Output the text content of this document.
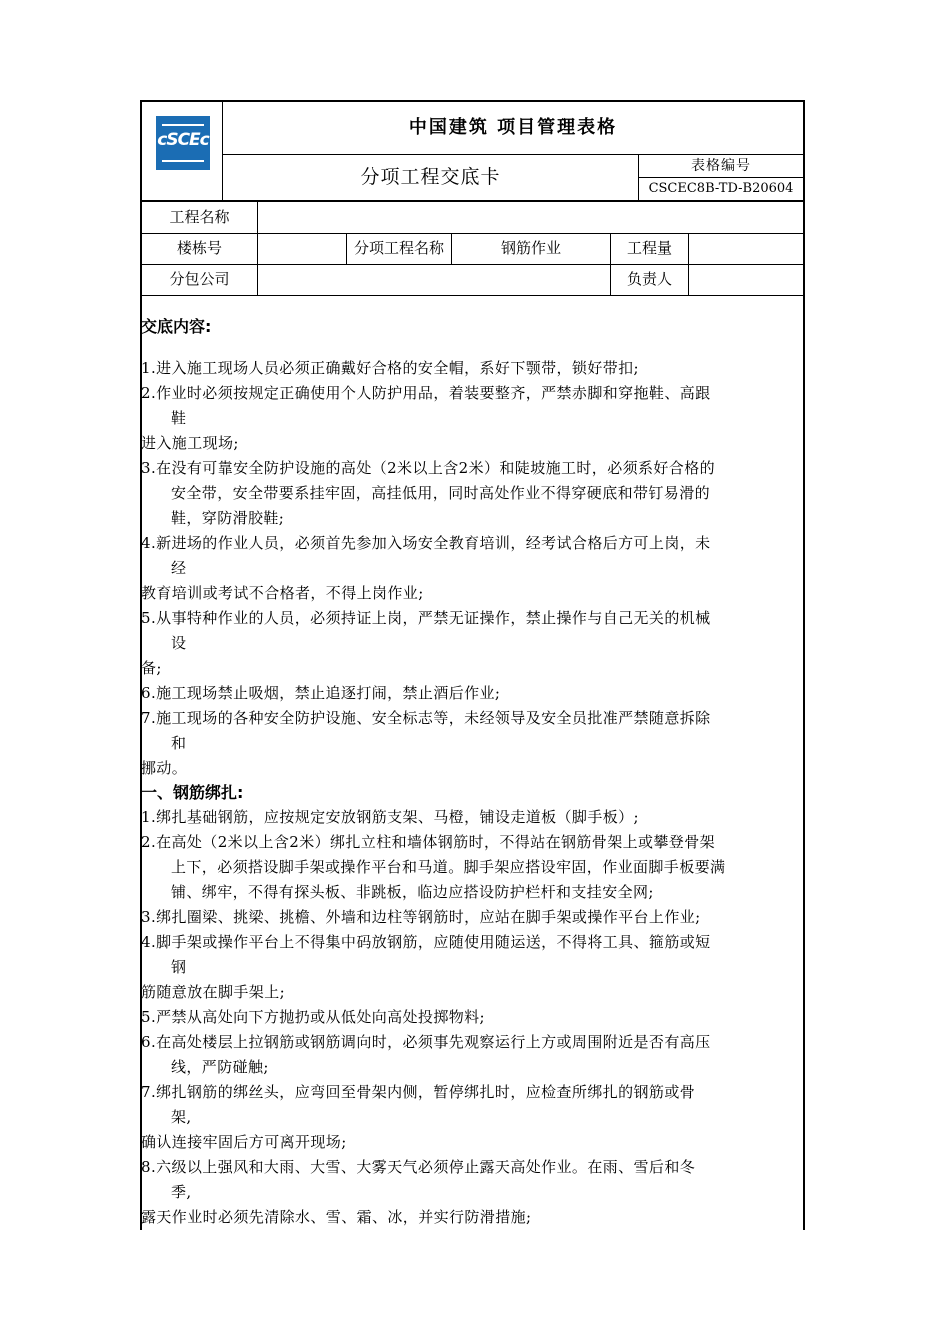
cSCEc
中国建筑 项目管理表格
分项工程交底卡	表格编号
CSCEC8B-TD-B20604
工程名称
楼栋号	分项工程名称	钢筋作业	工程量
分包公司	负责人
交底内容:
1.进入施工现场人员必须正确戴好合格的安全帽，系好下颚带，锁好带扣;
2.作业时必须按规定正确使用个人防护用品，着装要整齐，严禁赤脚和穿拖鞋、高跟
鞋
进入施工现场;
3.在没有可靠安全防护设施的高处（2米以上含2米）和陡坡施工时，必须系好合格的
安全带，安全带要系挂牢固，高挂低用，同时高处作业不得穿硬底和带钉易滑的
鞋，穿防滑胶鞋;
4.新进场的作业人员，必须首先参加入场安全教育培训，经考试合格后方可上岗，未
经
教育培训或考试不合格者，不得上岗作业;
5.从事特种作业的人员，必须持证上岗，严禁无证操作，禁止操作与自己无关的机械
设
备;
6.施工现场禁止吸烟，禁止追逐打闹，禁止酒后作业;
7.施工现场的各种安全防护设施、安全标志等，未经领导及安全员批准严禁随意拆除
和
挪动。
一、钢筋绑扎:
1.绑扎基础钢筋，应按规定安放钢筋支架、马橙，铺设走道板（脚手板）;
2.在高处（2米以上含2米）绑扎立柱和墙体钢筋时，不得站在钢筋骨架上或攀登骨架
上下，必须搭设脚手架或操作平台和马道。脚手架应搭设牢固，作业面脚手板要满
铺、绑牢，不得有探头板、非跳板，临边应搭设防护栏杆和支挂安全网;
3.绑扎圈梁、挑梁、挑檐、外墙和边柱等钢筋时，应站在脚手架或操作平台上作业;
4.脚手架或操作平台上不得集中码放钢筋，应随使用随运送，不得将工具、箍筋或短
钢
筋随意放在脚手架上;
5.严禁从高处向下方抛扔或从低处向高处投掷物料;
6.在高处楼层上拉钢筋或钢筋调向时，必须事先观察运行上方或周围附近是否有高压
线，严防碰触;
7.绑扎钢筋的绑丝头，应弯回至骨架内侧，暂停绑扎时，应检查所绑扎的钢筋或骨
架,
确认连接牢固后方可离开现场;
8.六级以上强风和大雨、大雪、大雾天气必须停止露天高处作业。在雨、雪后和冬
季,
露天作业时必须先清除水、雪、霜、冰，并实行防滑措施;
